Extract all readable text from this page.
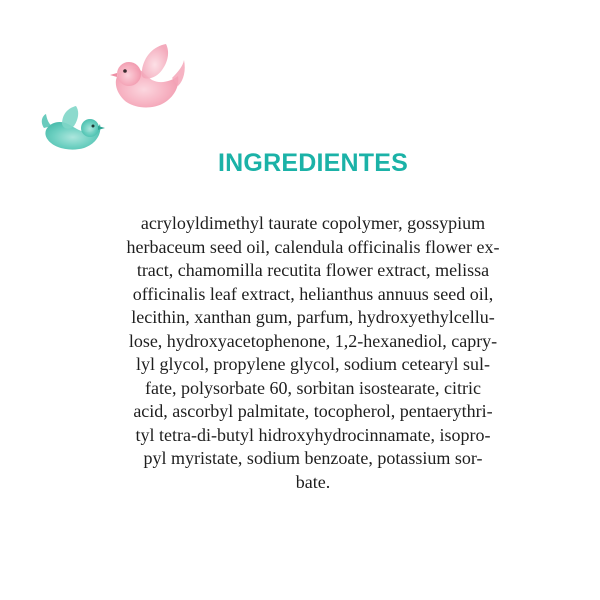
INGREDIENTES
acryloyldimethyl taurate copolymer, gossypium
herbaceum seed oil, calendula officinalis flower ex-
tract, chamomilla recutita flower extract, melissa
officinalis leaf extract, helianthus annuus seed oil,
lecithin, xanthan gum, parfum, hydroxyethylcellu-
lose, hydroxyacetophenone, 1,2-hexanediol, capry-
lyl glycol, propylene glycol, sodium cetearyl sul-
fate, polysorbate 60, sorbitan isostearate, citric
acid, ascorbyl palmitate, tocopherol, pentaerythri-
tyl tetra-di-butyl hidroxyhydrocinnamate, isopro-
pyl myristate, sodium benzoate, potassium sor-
bate.
